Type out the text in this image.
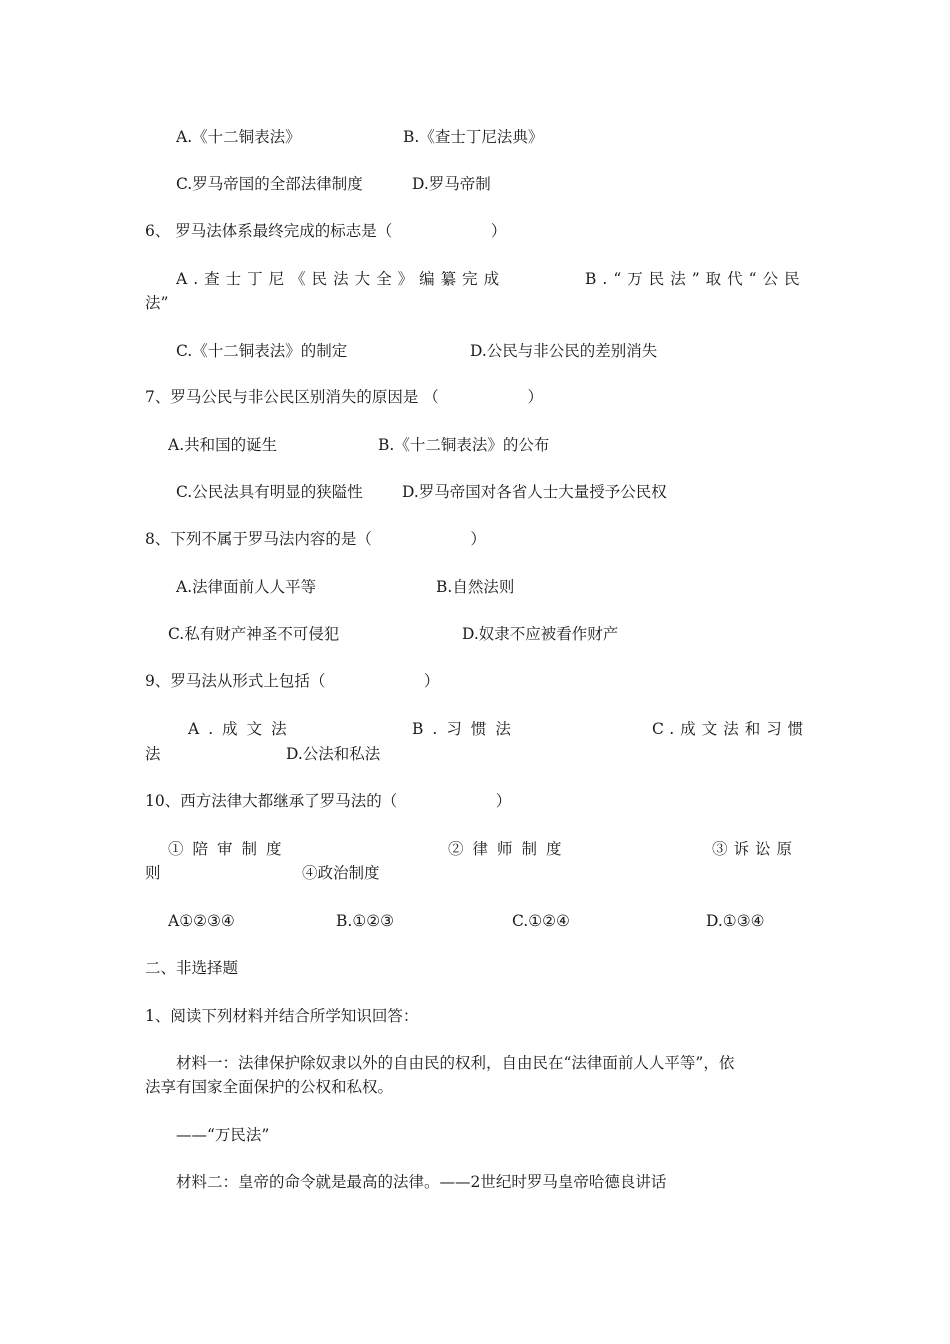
A.《十二铜表法》	B.《查士丁尼法典》
C.罗马帝国的全部法律制度	D.罗马帝制
6、 罗马法体系最终完成的标志是（                    ）
A.查士丁尼《民法大全》编纂完成	B.“万民法”取代“公民
法”
C.《十二铜表法》的制定	D.公民与非公民的差别消失
7、罗马公民与非公民区别消失的原因是 （                  ）
A.共和国的诞生	B.《十二铜表法》的公布
C.公民法具有明显的狭隘性	D.罗马帝国对各省人士大量授予公民权
8、下列不属于罗马法内容的是（                    ）
A.法律面前人人平等	B.自然法则
C.私有财产神圣不可侵犯	D.奴隶不应被看作财产
9、罗马法从形式上包括（                    ）
A.成文法	B.习惯法	C.成文法和习惯
法	D.公法和私法
10、西方法律大都继承了罗马法的（                    ）
①陪审制度	②律师制度	③诉讼原
则	④政治制度
A①②③④	B.①②③	C.①②④	D.①③④
二、非选择题
1、阅读下列材料并结合所学知识回答：
材料一：法律保护除奴隶以外的自由民的权利，自由民在“法律面前人人平等”，依
法享有国家全面保护的公权和私权。
——“万民法”
材料二：皇帝的命令就是最高的法律。——2世纪时罗马皇帝哈德良讲话
